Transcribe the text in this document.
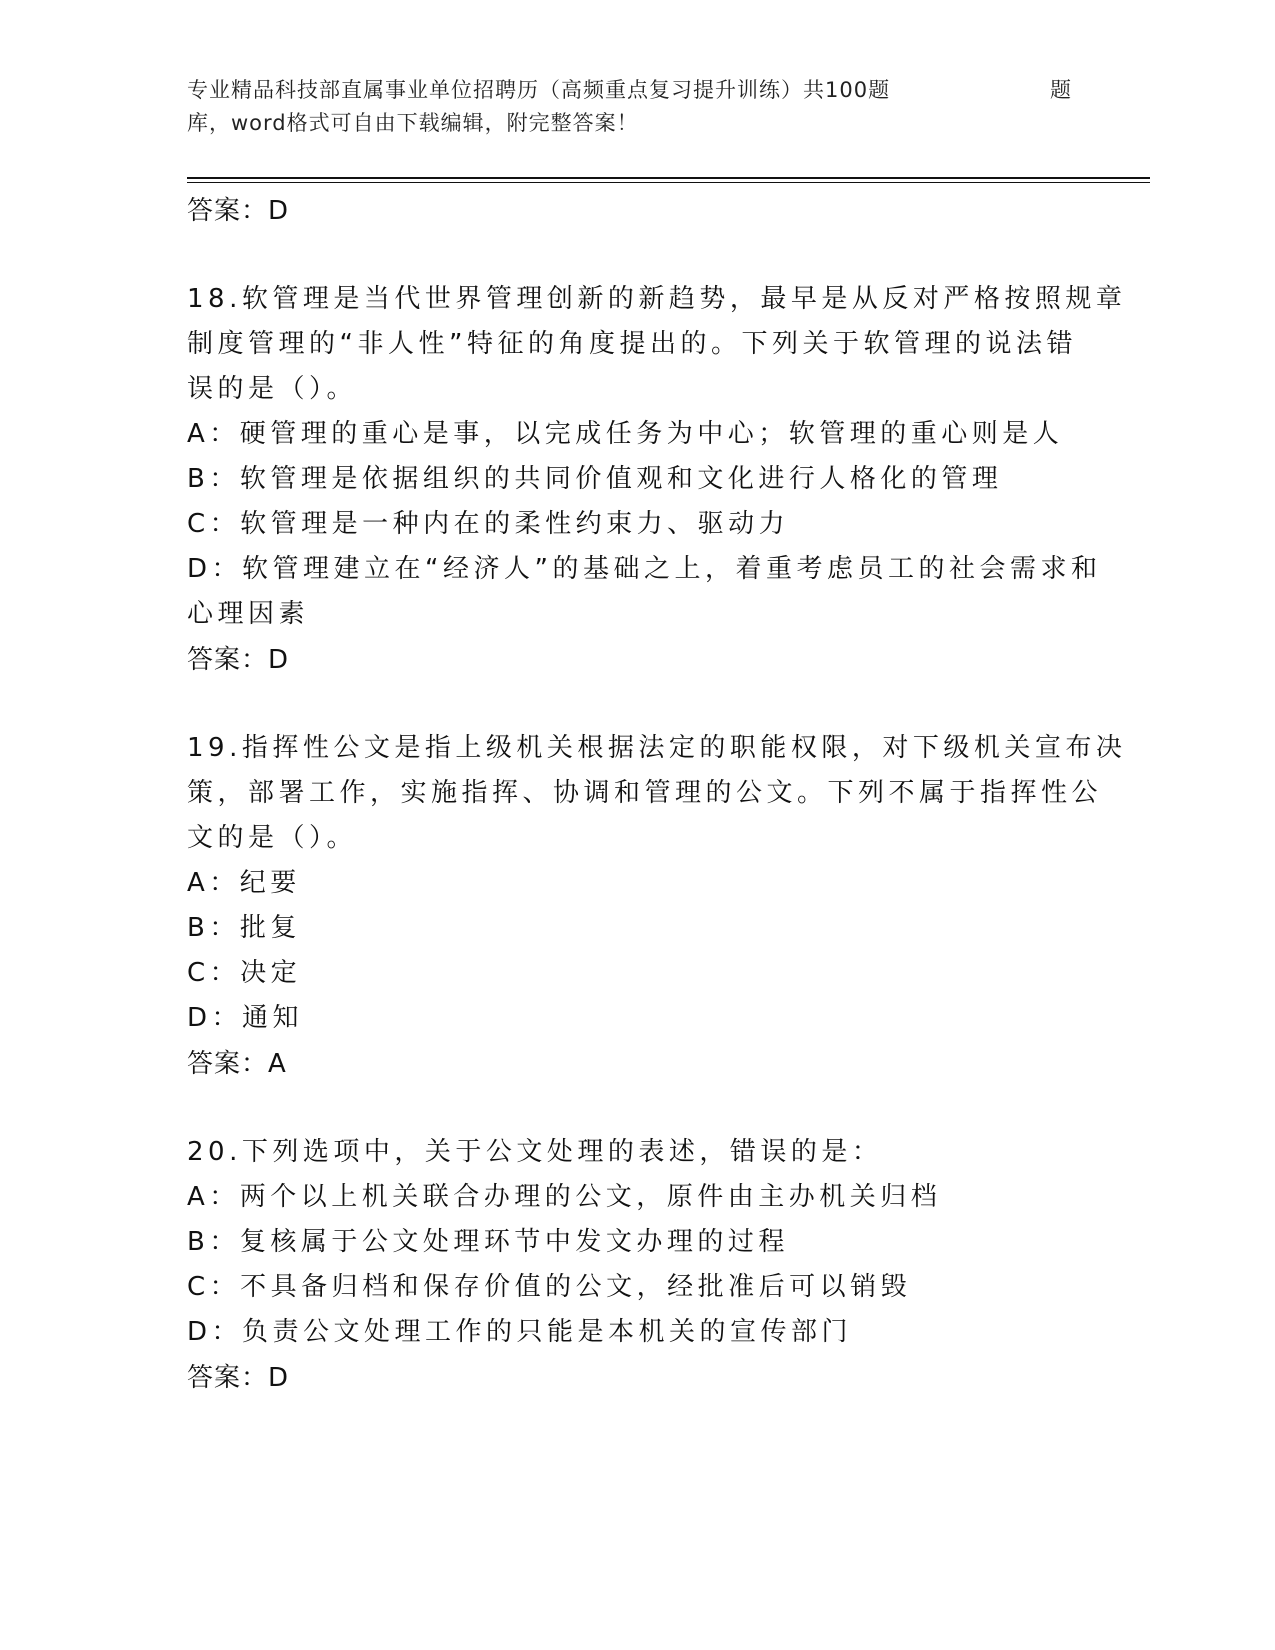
专业精品科技部直属事业单位招聘历（高频重点复习提升训练）共100题
库，word格式可自由下载编辑，附完整答案！
题
答案：D
18.软管理是当代世界管理创新的新趋势，最早是从反对严格按照规章
制度管理的“非人性”特征的角度提出的。下列关于软管理的说法错
误的是（）。
A：硬管理的重心是事，以完成任务为中心；软管理的重心则是人
B：软管理是依据组织的共同价值观和文化进行人格化的管理
C：软管理是一种内在的柔性约束力、驱动力
D：软管理建立在“经济人”的基础之上，着重考虑员工的社会需求和
心理因素
答案：D
19.指挥性公文是指上级机关根据法定的职能权限，对下级机关宣布决
策，部署工作，实施指挥、协调和管理的公文。下列不属于指挥性公
文的是（）。
A：纪要
B：批复
C：决定
D：通知
答案：A
20.下列选项中，关于公文处理的表述，错误的是：
A：两个以上机关联合办理的公文，原件由主办机关归档
B：复核属于公文处理环节中发文办理的过程
C：不具备归档和保存价值的公文，经批准后可以销毁
D：负责公文处理工作的只能是本机关的宣传部门
答案：D
